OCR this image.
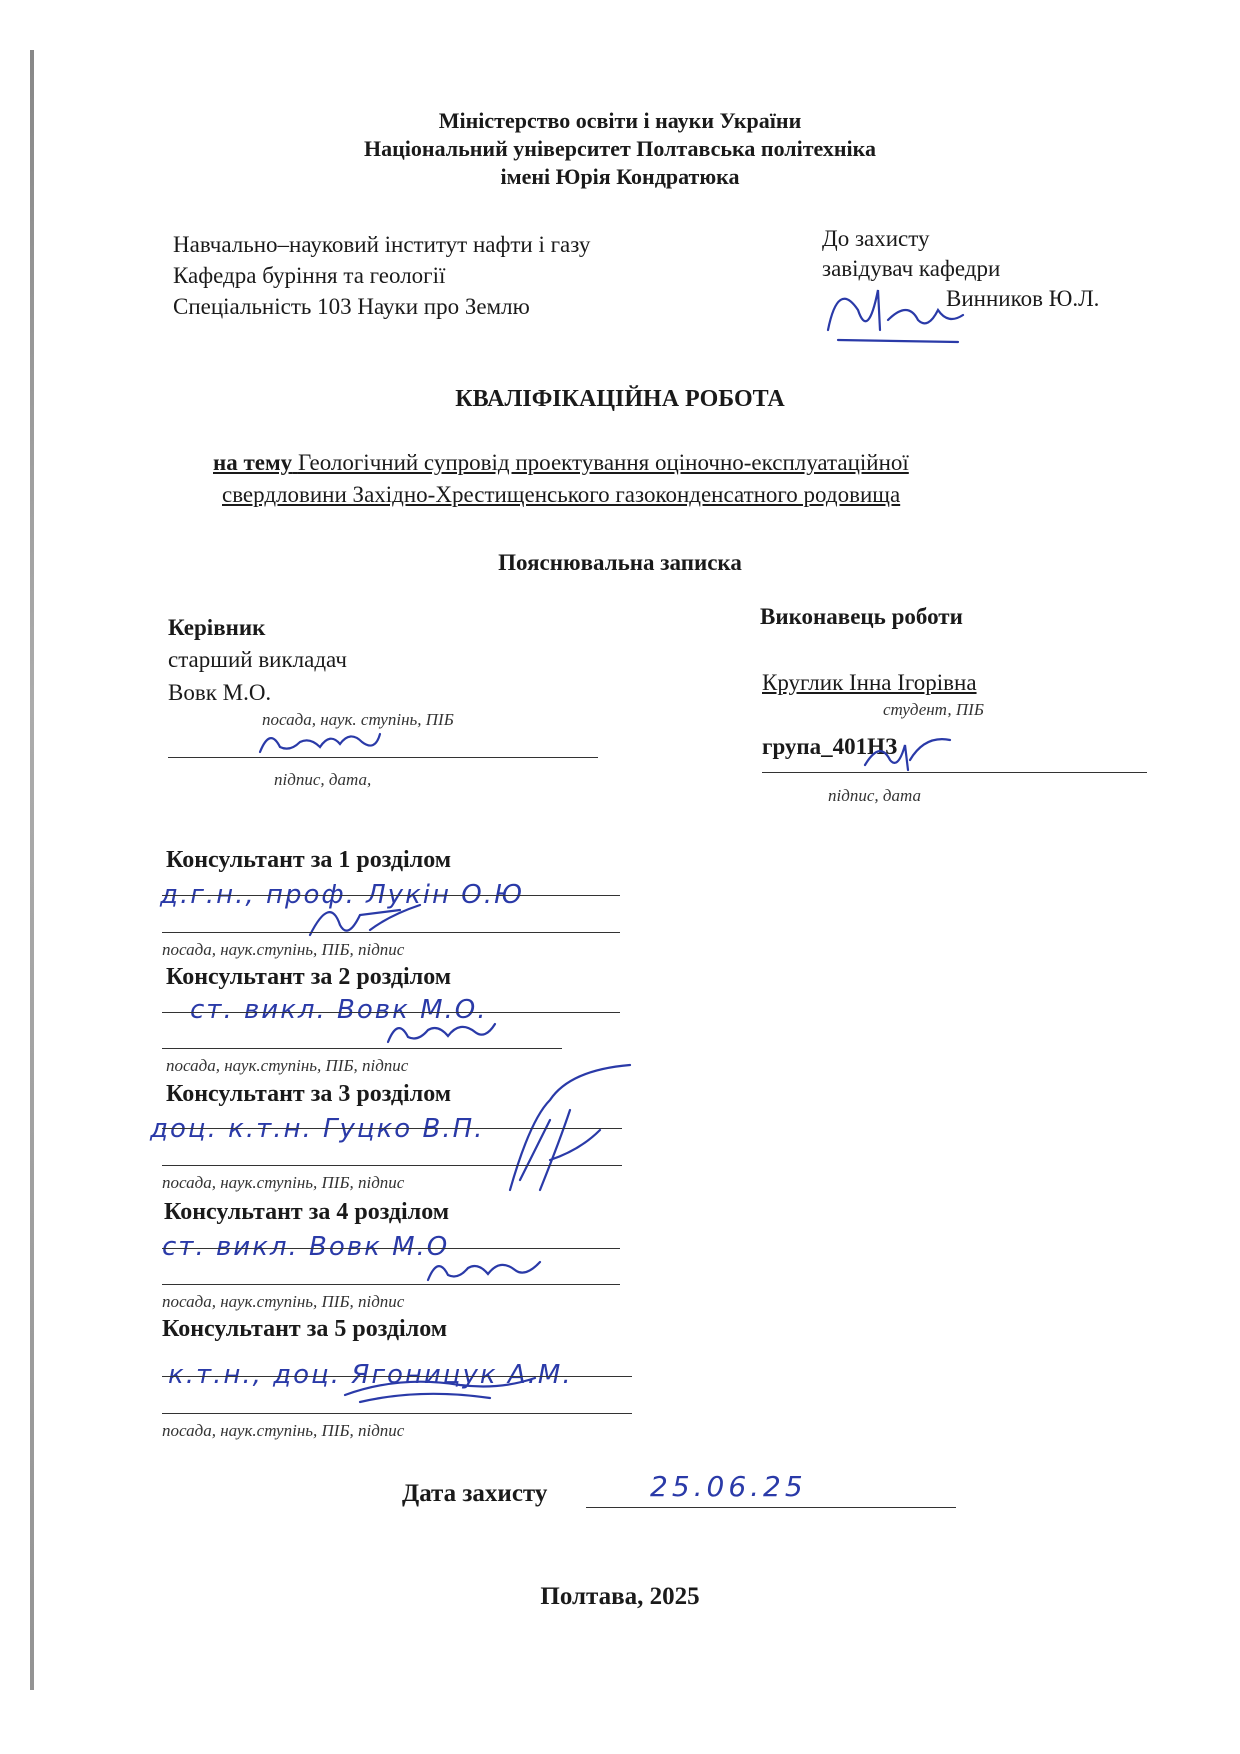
Міністерство освіти і науки України
Національний університет Полтавська політехніка
імені Юрія Кондратюка
Навчально–науковий інститут нафти і газу
Кафедра буріння та геології
Спеціальність 103 Науки про Землю
До захисту
завідувач кафедри
Винников Ю.Л.
КВАЛІФІКАЦІЙНА РОБОТА
на тему Геологічний супровід проектування оціночно-експлуатаційної
свердловини Західно-Хрестищенського газоконденсатного родовища
Пояснювальна записка
Керівник
старший викладач
Вовк М.О.
посада, наук. ступінь, ПІБ
підпис, дата,
Виконавець роботи
Круглик Інна Ігорівна
студент, ПІБ
група_401НЗ
підпис, дата
Консультант за 1 розділом
д.г.н., проф. Лукін О.Ю
посада, наук.ступінь, ПІБ, підпис
Консультант за 2 розділом
ст. викл. Вовк М.О.
посада, наук.ступінь, ПІБ, підпис
Консультант за 3 розділом
доц. к.т.н. Гуцко В.П.
посада, наук.ступінь, ПІБ, підпис
Консультант за 4 розділом
ст. викл. Вовк М.О
посада, наук.ступінь, ПІБ, підпис
Консультант за 5 розділом
к.т.н., доц. Ягоницук А.М.
посада, наук.ступінь, ПІБ, підпис
Дата захисту	25.06.25
Полтава, 2025
